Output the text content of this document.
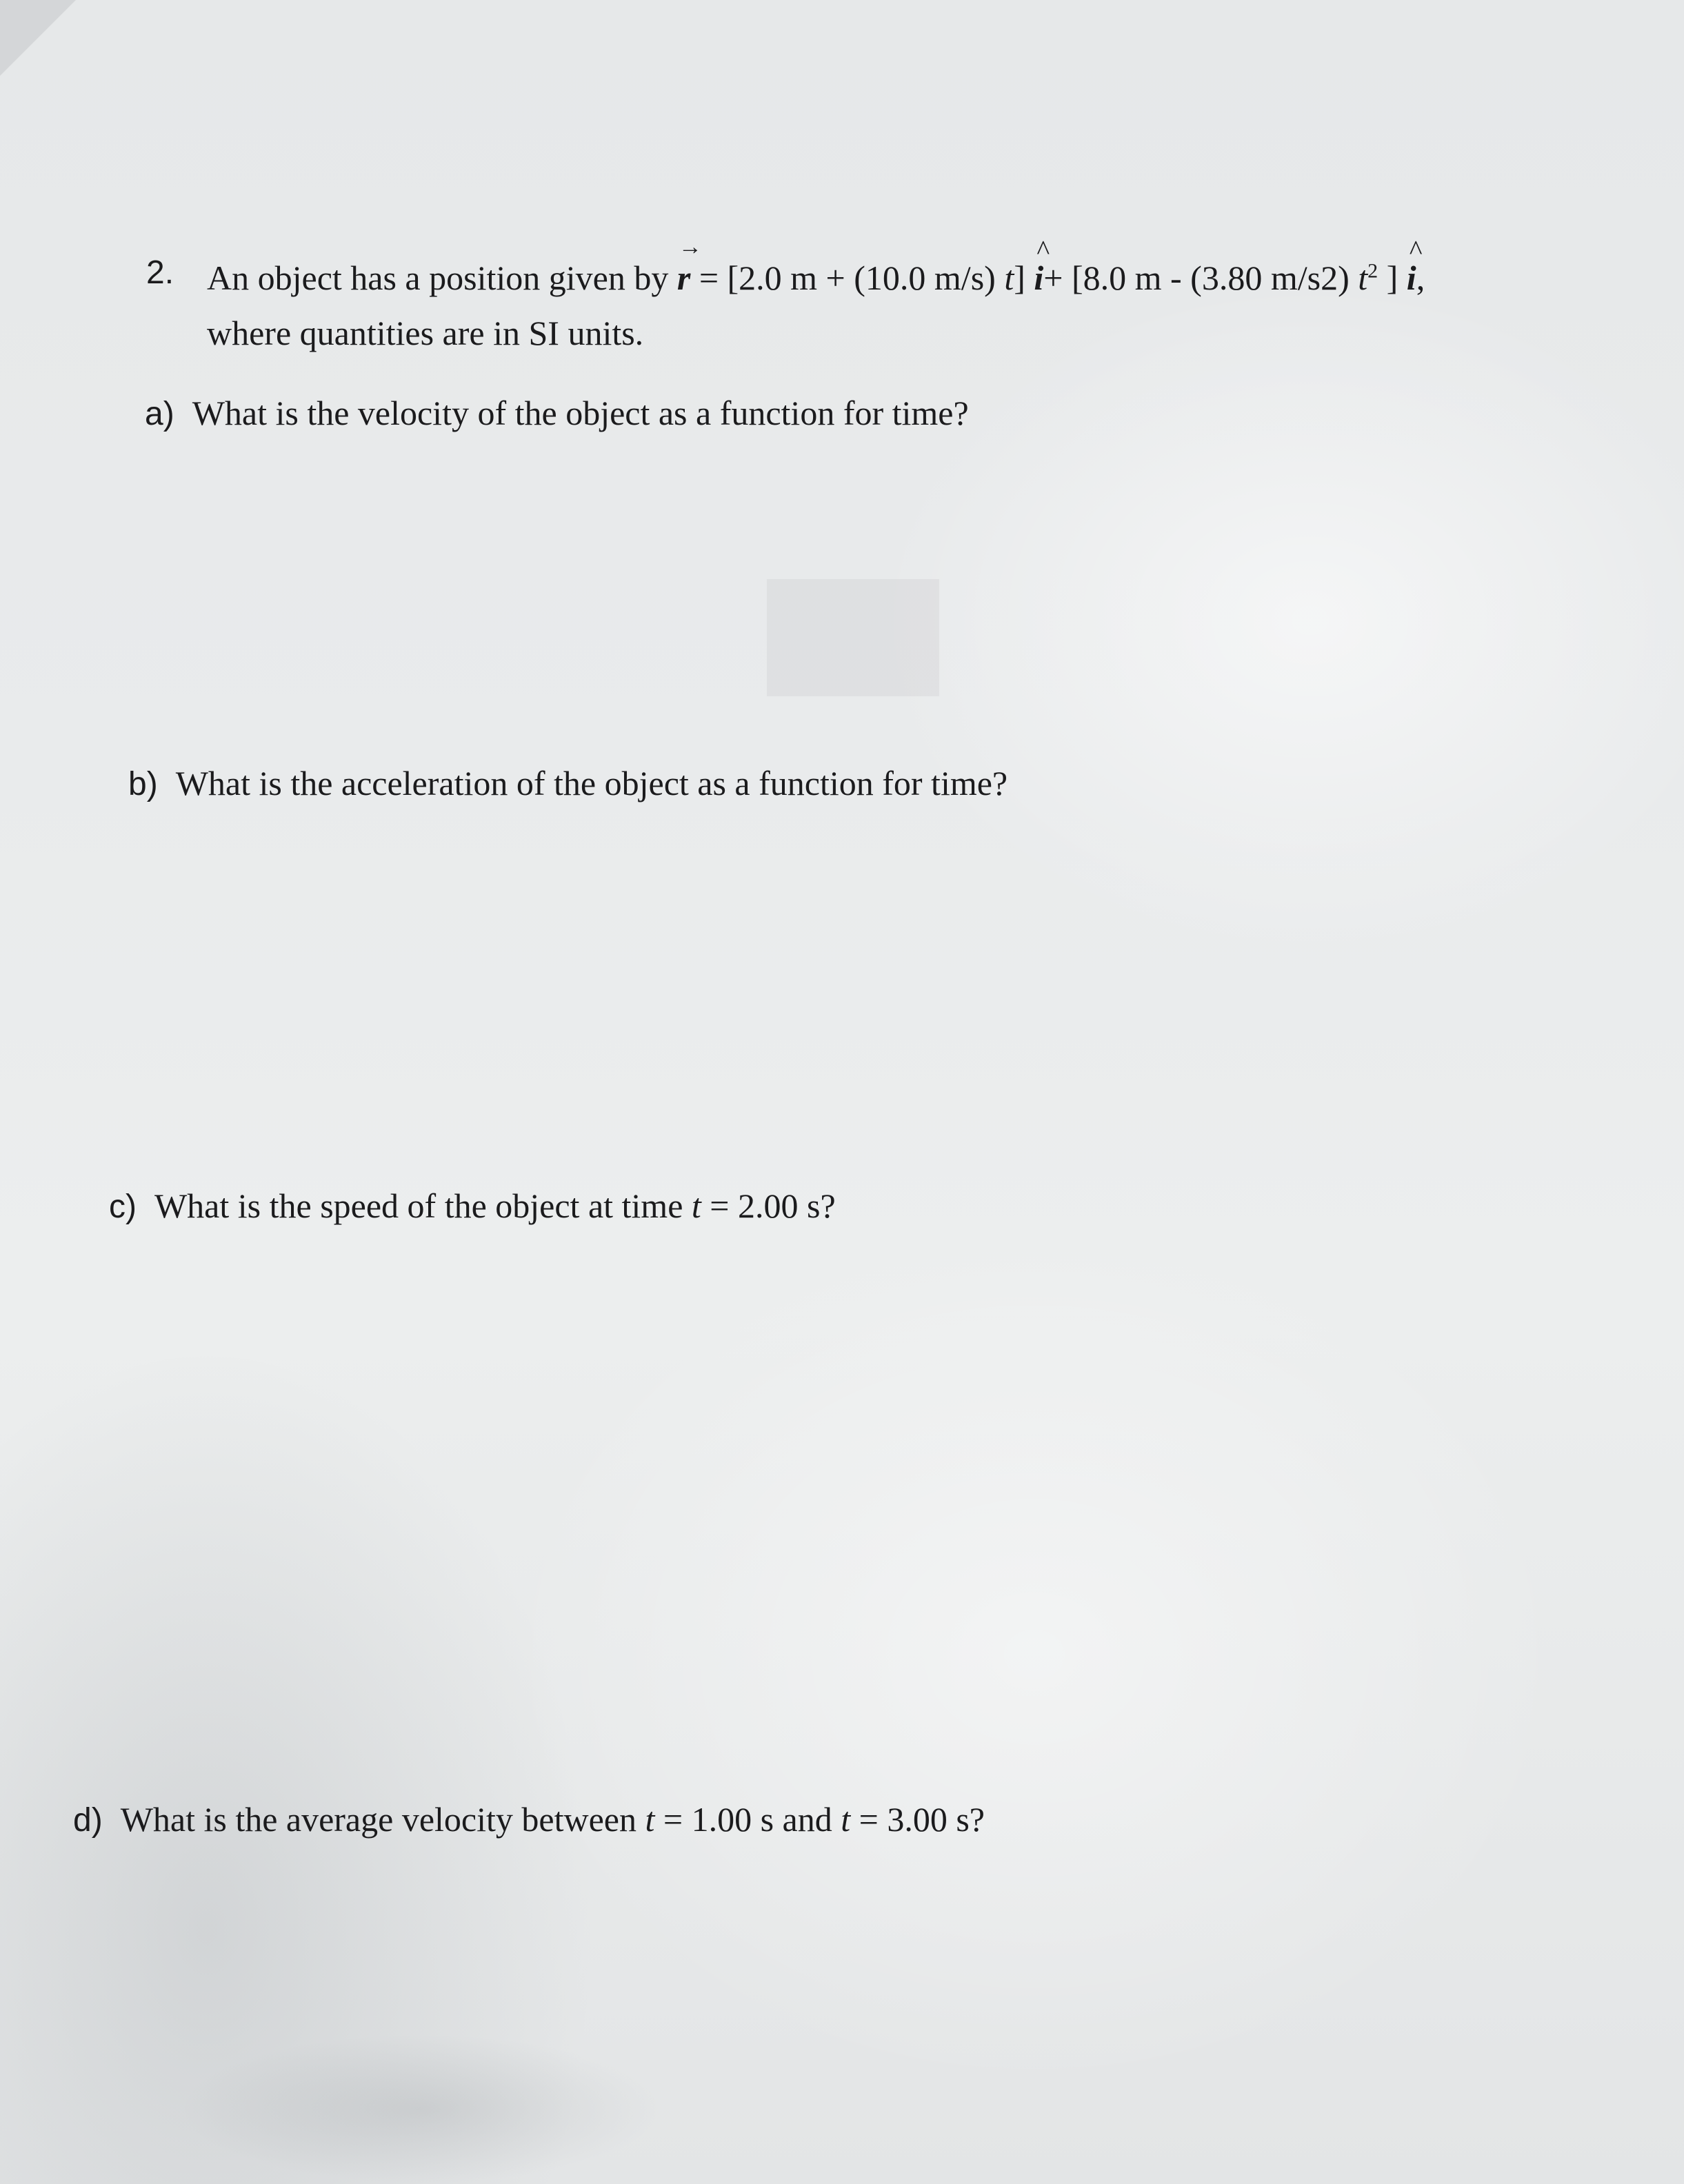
2. An object has a position given by
→
r = [2.0 m + (10.0 m/s) t]
^
i+ [8.0 m - (3.80 m/s2) $t^2$ ]
^
i,
where quantities are in SI units.
a) What is the velocity of the object as a function for time?
b) What is the acceleration of the object as a function for time?
c) What is the speed of the object at time t = 2.00 s?
d) What is the average velocity between t = 1.00 s and t = 3.00 s?
